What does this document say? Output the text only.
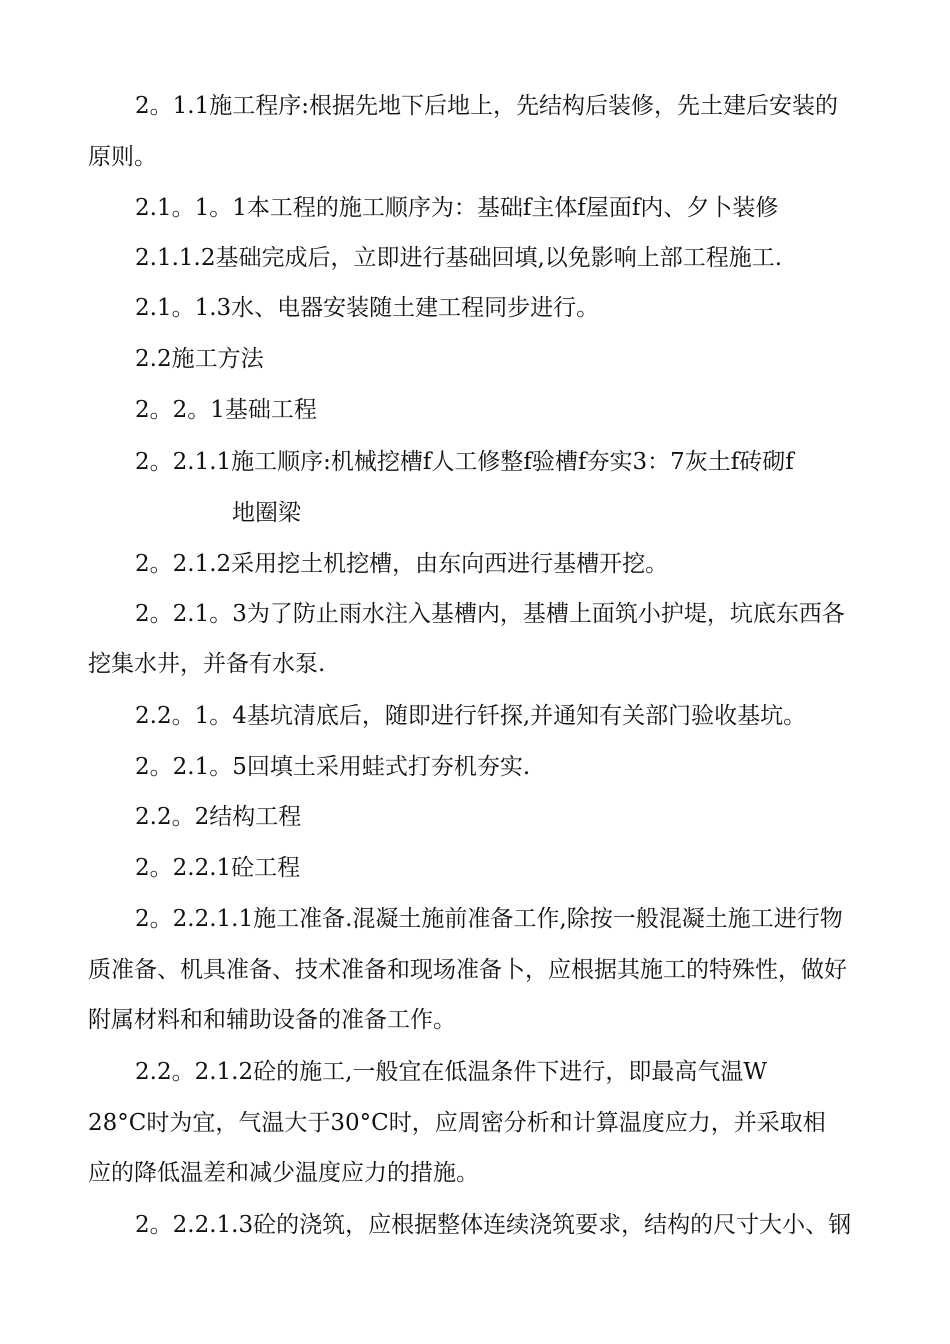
2。1.1施工程序:根据先地下后地上，先结构后装修，先土建后安装的
原则。
2.1。1。1本工程的施工顺序为：基础f主体f屋面f内、夕卜装修
2.1.1.2基础完成后，立即进行基础回填,以免影响上部工程施工.
2.1。1.3水、电器安装随土建工程同步进行。
2.2施工方法
2。2。1基础工程
2。2.1.1施工顺序:机械挖槽f人工修整f验槽f夯实3：7灰土f砖砌f
地圈梁
2。2.1.2采用挖土机挖槽，由东向西进行基槽开挖。
2。2.1。3为了防止雨水注入基槽内，基槽上面筑小护堤，坑底东西各
挖集水井，并备有水泵.
2.2。1。4基坑清底后，随即进行钎探,并通知有关部门验收基坑。
2。2.1。5回填土采用蛙式打夯机夯实.
2.2。2结构工程
2。2.2.1砼工程
2。2.2.1.1施工准备.混凝土施前准备工作,除按一般混凝土施工进行物
质准备、机具准备、技术准备和现场准备卜，应根据其施工的特殊性，做好
附属材料和和辅助设备的准备工作。
2.2。2.1.2砼的施工,一般宜在低温条件下进行，即最高气温W
28°C时为宜，气温大于30°C时，应周密分析和计算温度应力，并采取相
应的降低温差和减少温度应力的措施。
2。2.2.1.3砼的浇筑，应根据整体连续浇筑要求，结构的尺寸大小、钢
